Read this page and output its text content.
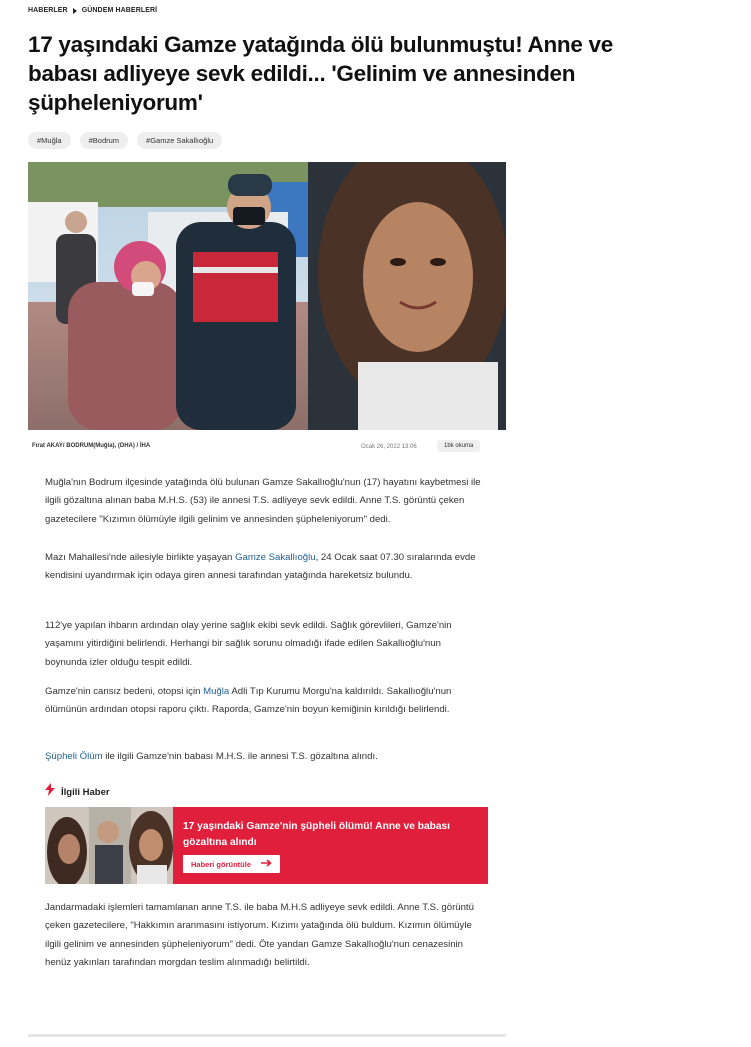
HABERLER GÜNDEM HABERLERİ
17 yaşındaki Gamze yatağında ölü bulunmuştu! Anne ve babası adliyeye sevk edildi... 'Gelinim ve annesinden şüpheleniyorum'
#Muğla	#Bodrum	#Gamze Sakallıoğlu
Fırat AKAY/ BODRUM(Muğla), (DHA) / İHA	Ocak 26, 2022 13:06	1bk okuma

Muğla'nın Bodrum ilçesinde yatağında ölü bulunan Gamze Sakallıoğlu'nun (17) hayatını kaybetmesi ile ilgili gözaltına alınan baba M.H.S. (53) ile annesi T.S. adliyeye sevk edildi. Anne T.S. görüntü çeken gazetecilere "Kızımın ölümüyle ilgili gelinim ve annesinden şüpheleniyorum" dedi.

Mazı Mahallesi'nde ailesiyle birlikte yaşayan Gamze Sakallıoğlu, 24 Ocak saat 07.30 sıralarında evde kendisini uyandırmak için odaya giren annesi tarafından yatağında hareketsiz bulundu.

112'ye yapılan ihbarın ardından olay yerine sağlık ekibi sevk edildi. Sağlık görevlileri, Gamze'nin yaşamını yitirdiğini belirlendi. Herhangi bir sağlık sorunu olmadığı ifade edilen Sakallıoğlu'nun boynunda izler olduğu tespit edildi.

Gamze'nin cansız bedeni, otopsi için Muğla Adli Tıp Kurumu Morgu'na kaldırıldı. Sakallıoğlu'nun ölümünün ardından otopsi raporu çıktı. Raporda, Gamze'nin boyun kemiğinin kırıldığı belirlendi.

Şüpheli Ölüm ile ilgili Gamze'nin babası M.H.S. ile annesi T.S. gözaltına alındı.

Jandarmadaki işlemleri tamamlanan anne T.S. ile baba M.H.S adliyeye sevk edildi. Anne T.S. görüntü çeken gazetecilere, "Hakkımın aranmasını istiyorum. Kızımı yatağında ölü buldum. Kızımın ölümüyle ilgili gelinim ve annesinden şüpheleniyorum" dedi. Öte yandan Gamze Sakallıoğlu'nun cenazesinin henüz yakınları tarafından morgdan teslim alınmadığı belirtildi.

İlgili Haber
17 yaşındaki Gamze'nin şüpheli ölümü! Anne ve babası gözaltına alındı
Haberi görüntüle
